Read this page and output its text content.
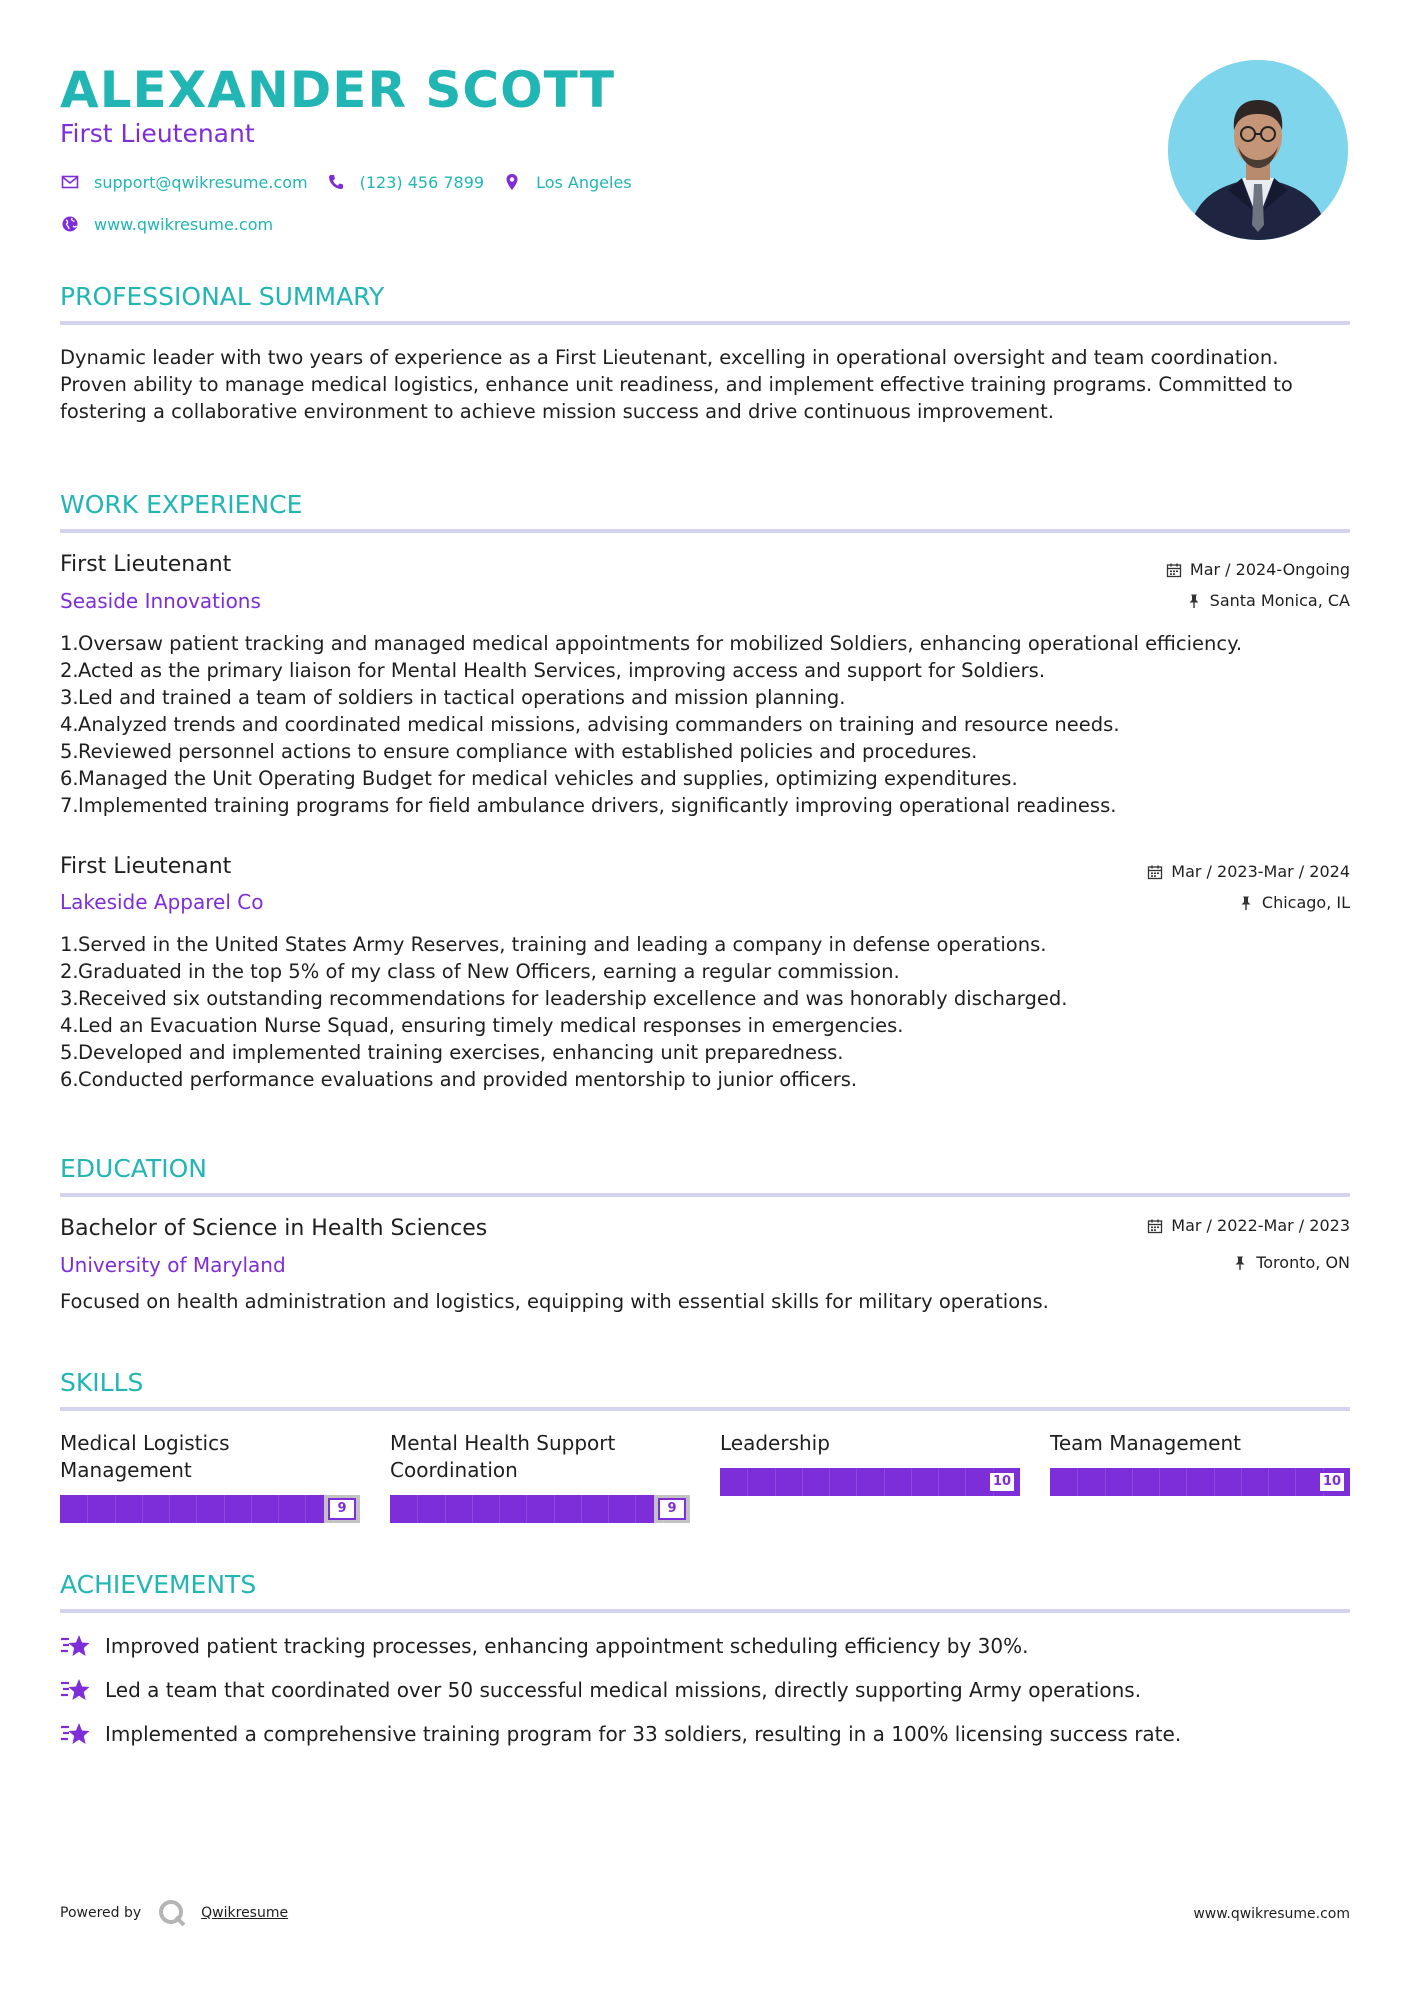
ALEXANDER SCOTT
First Lieutenant
support@qwikresume.com	(123) 456 7899	Los Angeles
www.qwikresume.com
PROFESSIONAL SUMMARY

Dynamic leader with two years of experience as a First Lieutenant, excelling in operational oversight and team coordination. Proven ability to manage medical logistics, enhance unit readiness, and implement effective training programs. Committed to fostering a collaborative environment to achieve mission success and drive continuous improvement.

WORK EXPERIENCE
First Lieutenant
Seaside Innovations
Mar / 2024-Ongoing
Santa Monica, CA
1. Oversaw patient tracking and managed medical appointments for mobilized Soldiers, enhancing operational efficiency.
2. Acted as the primary liaison for Mental Health Services, improving access and support for Soldiers.
3. Led and trained a team of soldiers in tactical operations and mission planning.
4. Analyzed trends and coordinated medical missions, advising commanders on training and resource needs.
5. Reviewed personnel actions to ensure compliance with established policies and procedures.
6. Managed the Unit Operating Budget for medical vehicles and supplies, optimizing expenditures.
7. Implemented training programs for field ambulance drivers, significantly improving operational readiness.
First Lieutenant
Lakeside Apparel Co
Mar / 2023-Mar / 2024
Chicago, IL
1. Served in the United States Army Reserves, training and leading a company in defense operations.
2. Graduated in the top 5% of my class of New Officers, earning a regular commission.
3. Received six outstanding recommendations for leadership excellence and was honorably discharged.
4. Led an Evacuation Nurse Squad, ensuring timely medical responses in emergencies.
5. Developed and implemented training exercises, enhancing unit preparedness.
6. Conducted performance evaluations and provided mentorship to junior officers.
EDUCATION
Bachelor of Science in Health Sciences
University of Maryland
Mar / 2022-Mar / 2023
Toronto, ON

Focused on health administration and logistics, equipping with essential skills for military operations.

SKILLS
Medical Logistics Management
9
Mental Health Support Coordination
9
Leadership
10
Team Management
10
ACHIEVEMENTS
Improved patient tracking processes, enhancing appointment scheduling efficiency by 30%.
Led a team that coordinated over 50 successful medical missions, directly supporting Army operations.
Implemented a comprehensive training program for 33 soldiers, resulting in a 100% licensing success rate.
Powered by	Qwikresume	www.qwikresume.com
